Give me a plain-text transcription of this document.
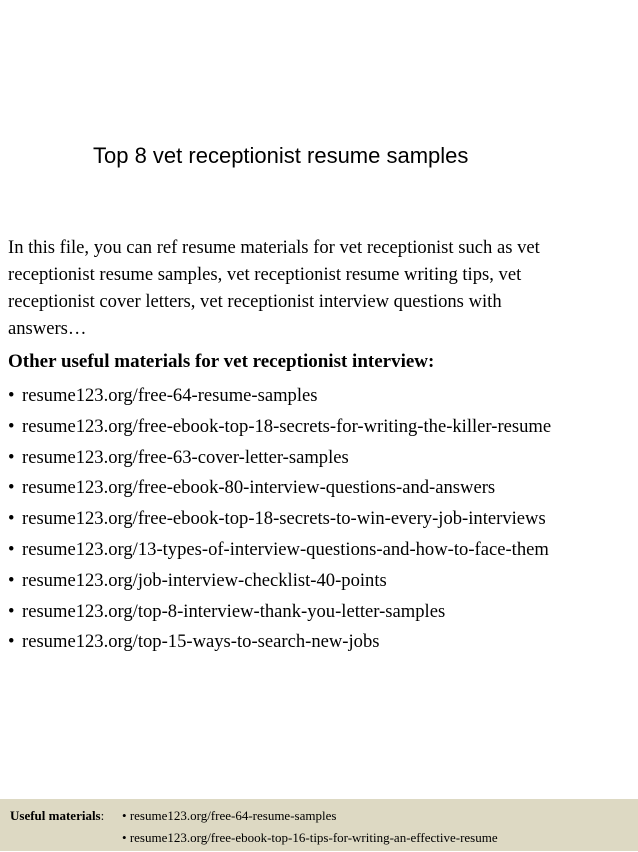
Top 8 vet receptionist resume samples

In this file, you can ref resume materials for vet receptionist such as vet
receptionist resume samples, vet receptionist resume writing tips, vet
receptionist cover letters, vet receptionist interview questions with
answers…

Other useful materials for vet receptionist interview:
• resume123.org/free-64-resume-samples
• resume123.org/free-ebook-top-18-secrets-for-writing-the-killer-resume
• resume123.org/free-63-cover-letter-samples
• resume123.org/free-ebook-80-interview-questions-and-answers
• resume123.org/free-ebook-top-18-secrets-to-win-every-job-interviews
• resume123.org/13-types-of-interview-questions-and-how-to-face-them
• resume123.org/job-interview-checklist-40-points
• resume123.org/top-8-interview-thank-you-letter-samples
• resume123.org/top-15-ways-to-search-new-jobs
Useful materials: • resume123.org/free-64-resume-samples
• resume123.org/free-ebook-top-16-tips-for-writing-an-effective-resume
